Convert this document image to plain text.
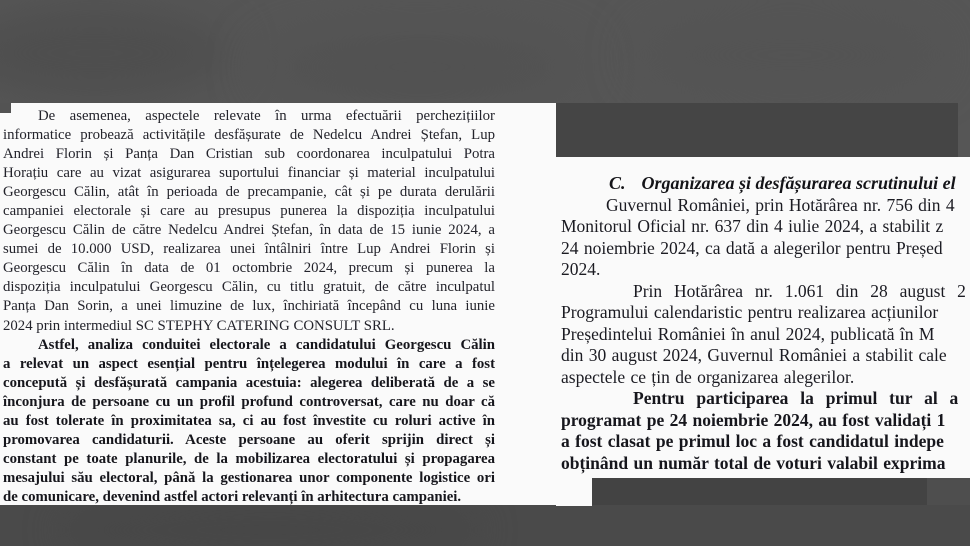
De asemenea, aspectele relevate în urma efectuării perchezițiilor
informatice probează activitățile desfășurate de Nedelcu Andrei Ștefan, Lup
Andrei Florin și Panța Dan Cristian sub coordonarea inculpatului Potra
Horațiu care au vizat asigurarea suportului financiar și material inculpatului
Georgescu Călin, atât în perioada de precampanie, cât și pe durata derulării
campaniei electorale și care au presupus punerea la dispoziția inculpatului
Georgescu Călin de către Nedelcu Andrei Ștefan, în data de 15 iunie 2024, a
sumei de 10.000 USD, realizarea unei întâlniri între Lup Andrei Florin și
Georgescu Călin în data de 01 octombrie 2024, precum și punerea la
dispoziția inculpatului Georgescu Călin, cu titlu gratuit, de către inculpatul
Panța Dan Sorin, a unei limuzine de lux, închiriată începând cu luna iunie
2024 prin intermediul SC STEPHY CATERING CONSULT SRL.
Astfel, analiza conduitei electorale a candidatului Georgescu Călin
a relevat un aspect esențial pentru înțelegerea modului în care a fost
concepută și desfășurată campania acestuia: alegerea deliberată de a se
înconjura de persoane cu un profil profund controversat, care nu doar că
au fost tolerate în proximitatea sa, ci au fost învestite cu roluri active în
promovarea candidaturii. Aceste persoane au oferit sprijin direct și
constant pe toate planurile, de la mobilizarea electoratului și propagarea
mesajului său electoral, până la gestionarea unor componente logistice ori
de comunicare, devenind astfel actori relevanți în arhitectura campaniei.
C. Organizarea și desfășurarea scrutinului el
Guvernul României, prin Hotărârea nr. 756 din 4
Monitorul Oficial nr. 637 din 4 iulie 2024, a stabilit z
24 noiembrie 2024, ca dată a alegerilor pentru Președ
2024.
Prin Hotărârea nr. 1.061 din 28 august 2
Programului calendaristic pentru realizarea acțiunilor
Președintelui României în anul 2024, publicată în M
din 30 august 2024, Guvernul României a stabilit cale
aspectele ce țin de organizarea alegerilor.
Pentru participarea la primul tur al a
programat pe 24 noiembrie 2024, au fost validați 1
a fost clasat pe primul loc a fost candidatul indepe
obținând un număr total de voturi valabil exprima
